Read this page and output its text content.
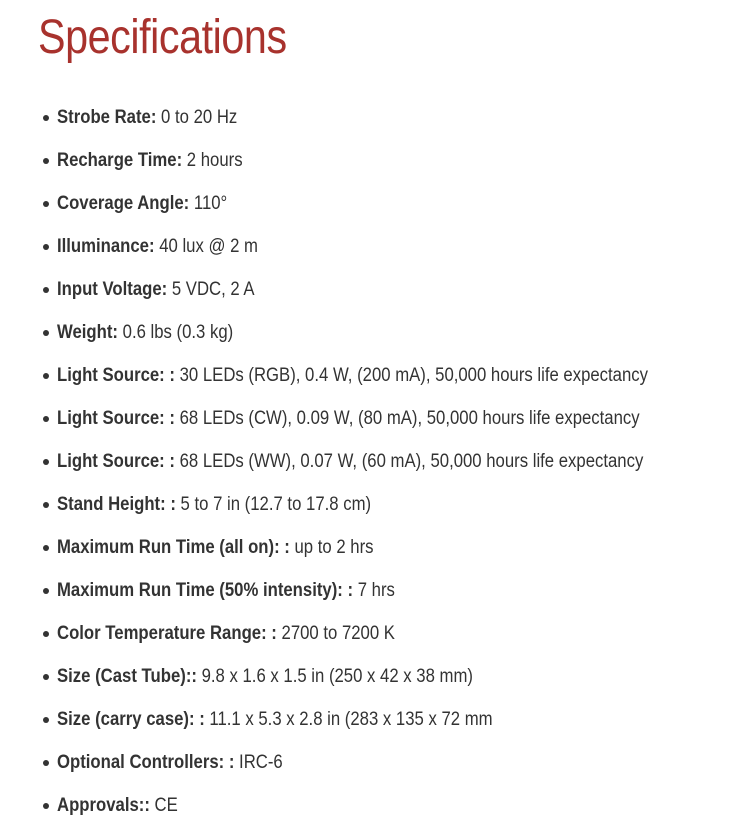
Specifications
Strobe Rate: 0 to 20 Hz
Recharge Time: 2 hours
Coverage Angle: 110°
Illuminance: 40 lux @ 2 m
Input Voltage: 5 VDC, 2 A
Weight: 0.6 lbs (0.3 kg)
Light Source: : 30 LEDs (RGB), 0.4 W, (200 mA), 50,000 hours life expectancy
Light Source: : 68 LEDs (CW), 0.09 W, (80 mA), 50,000 hours life expectancy
Light Source: : 68 LEDs (WW), 0.07 W, (60 mA), 50,000 hours life expectancy
Stand Height: : 5 to 7 in (12.7 to 17.8 cm)
Maximum Run Time (all on): : up to 2 hrs
Maximum Run Time (50% intensity): : 7 hrs
Color Temperature Range: : 2700 to 7200 K
Size (Cast Tube):: 9.8 x 1.6 x 1.5 in (250 x 42 x 38 mm)
Size (carry case): : 11.1 x 5.3 x 2.8 in (283 x 135 x 72 mm
Optional Controllers: : IRC-6
Approvals:: CE
